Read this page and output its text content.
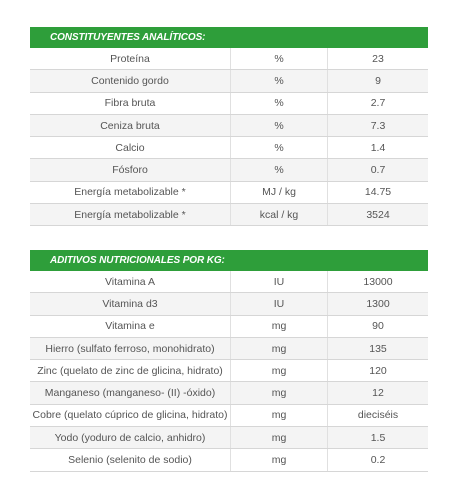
CONSTITUYENTES ANALÍTICOS:
Proteína	%	23
Contenido gordo	%	9
Fibra bruta	%	2.7
Ceniza bruta	%	7.3
Calcio	%	1.4
Fósforo	%	0.7
Energía metabolizable *	MJ / kg	14.75
Energía metabolizable *	kcal / kg	3524
ADITIVOS NUTRICIONALES POR KG:
Vitamina A	IU	13000
Vitamina d3	IU	1300
Vitamina e	mg	90
Hierro (sulfato ferroso, monohidrato)	mg	135
Zinc (quelato de zinc de glicina, hidrato)	mg	120
Manganeso (manganeso- (II) -óxido)	mg	12
Cobre (quelato cúprico de glicina, hidrato)	mg	dieciséis
Yodo (yoduro de calcio, anhidro)	mg	1.5
Selenio (selenito de sodio)	mg	0.2
